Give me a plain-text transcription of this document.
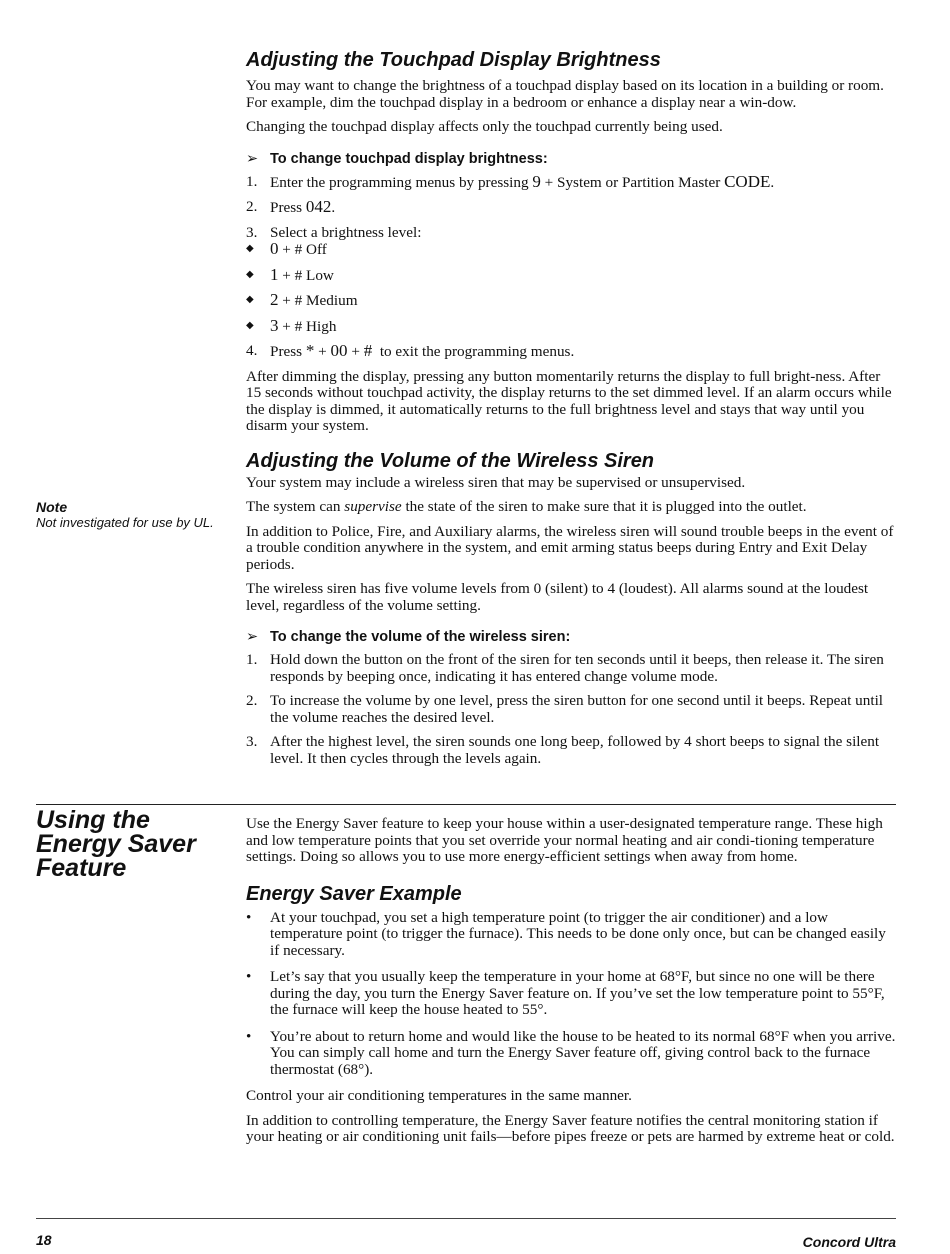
Adjusting the Touchpad Display Brightness

You may want to change the brightness of a touchpad display based on its location in a building or room. For example, dim the touchpad display in a bedroom or enhance a display near a win-dow.

Changing the touchpad display affects only the touchpad currently being used.

➢ To change touchpad display brightness:
1. Enter the programming menus by pressing 9 + System or Partition Master CODE.
2. Press 042.
3. Select a brightness level:
◆ 0 + # Off
◆ 1 + # Low
◆ 2 + # Medium
◆ 3 + # High
4. Press * + 00 + #  to exit the programming menus.

After dimming the display, pressing any button momentarily returns the display to full bright-ness. After 15 seconds without touchpad activity, the display returns to the set dimmed level. If an alarm occurs while the display is dimmed, it automatically returns to the full brightness level and stays that way until you disarm your system.

Adjusting the Volume of the Wireless Siren

Your system may include a wireless siren that may be supervised or unsupervised.

The system can supervise the state of the siren to make sure that it is plugged into the outlet.

In addition to Police, Fire, and Auxiliary alarms, the wireless siren will sound trouble beeps in the event of a trouble condition anywhere in the system, and emit arming status beeps during Entry and Exit Delay periods.

The wireless siren has five volume levels from 0 (silent) to 4 (loudest). All alarms sound at the loudest level, regardless of the volume setting.

➢ To change the volume of the wireless siren:
1. Hold down the button on the front of the siren for ten seconds until it beeps, then release it. The siren responds by beeping once, indicating it has entered change volume mode.
2. To increase the volume by one level, press the siren button for one second until it beeps. Repeat until the volume reaches the desired level.
3. After the highest level, the siren sounds one long beep, followed by 4 short beeps to signal the silent level. It then cycles through the levels again.
Note
Not investigated for use by UL.
Using the Energy Saver Feature

Use the Energy Saver feature to keep your house within a user-designated temperature range. These high and low temperature points that you set override your normal heating and air condi-tioning temperature settings. Doing so allows you to use more energy-efficient settings when away from home.

Energy Saver Example
•	At your touchpad, you set a high temperature point (to trigger the air conditioner) and a low temperature point (to trigger the furnace). This needs to be done only once, but can be changed easily if necessary.
•	Let’s say that you usually keep the temperature in your home at 68°F, but since no one will be there during the day, you turn the Energy Saver feature on. If you’ve set the low temperature point to 55°F, the furnace will keep the house heated to 55°.
•	You’re about to return home and would like the house to be heated to its normal 68°F when you arrive. You can simply call home and turn the Energy Saver feature off, giving control back to the furnace thermostat (68°).

Control your air conditioning temperatures in the same manner.

In addition to controlling temperature, the Energy Saver feature notifies the central monitoring station if your heating or air conditioning unit fails—before pipes freeze or pets are harmed by extreme heat or cold.

18	Concord Ultra
